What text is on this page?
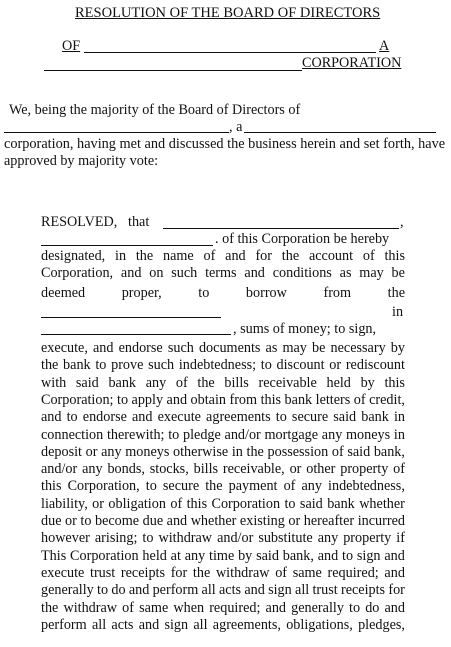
RESOLUTION OF THE BOARD OF DIRECTORS
OF	A
CORPORATION
We, being the majority of the Board of Directors of
, a
corporation, having met and discussed the business herein and set forth, have
approved by majority vote:
RESOLVED, that	,
. of this Corporation be hereby
designated, in the name of and for the account of this
Corporation, and on such terms and conditions as may be
deemed	proper,	to	borrow	from	the
in
, sums of money; to sign,
execute, and endorse such documents as may be necessary by
the bank to prove such indebtedness; to discount or rediscount
with said bank any of the bills receivable held by this
Corporation; to apply and obtain from this bank letters of credit,
and to endorse and execute agreements to secure said bank in
connection therewith; to pledge and/or mortgage any moneys in
deposit or any moneys otherwise in the possession of said bank,
and/or any bonds, stocks, bills receivable, or other property of
this Corporation, to secure the payment of any indebtedness,
liability, or obligation of this Corporation to said bank whether
due or to become due and whether existing or hereafter incurred
however arising; to withdraw and/or substitute any property if
This Corporation held at any time by said bank, and to sign and
execute trust receipts for the withdraw of same required; and
generally to do and perform all acts and sign all trust receipts for
the withdraw of same when required; and generally to do and
perform all acts and sign all agreements, obligations, pledges,
